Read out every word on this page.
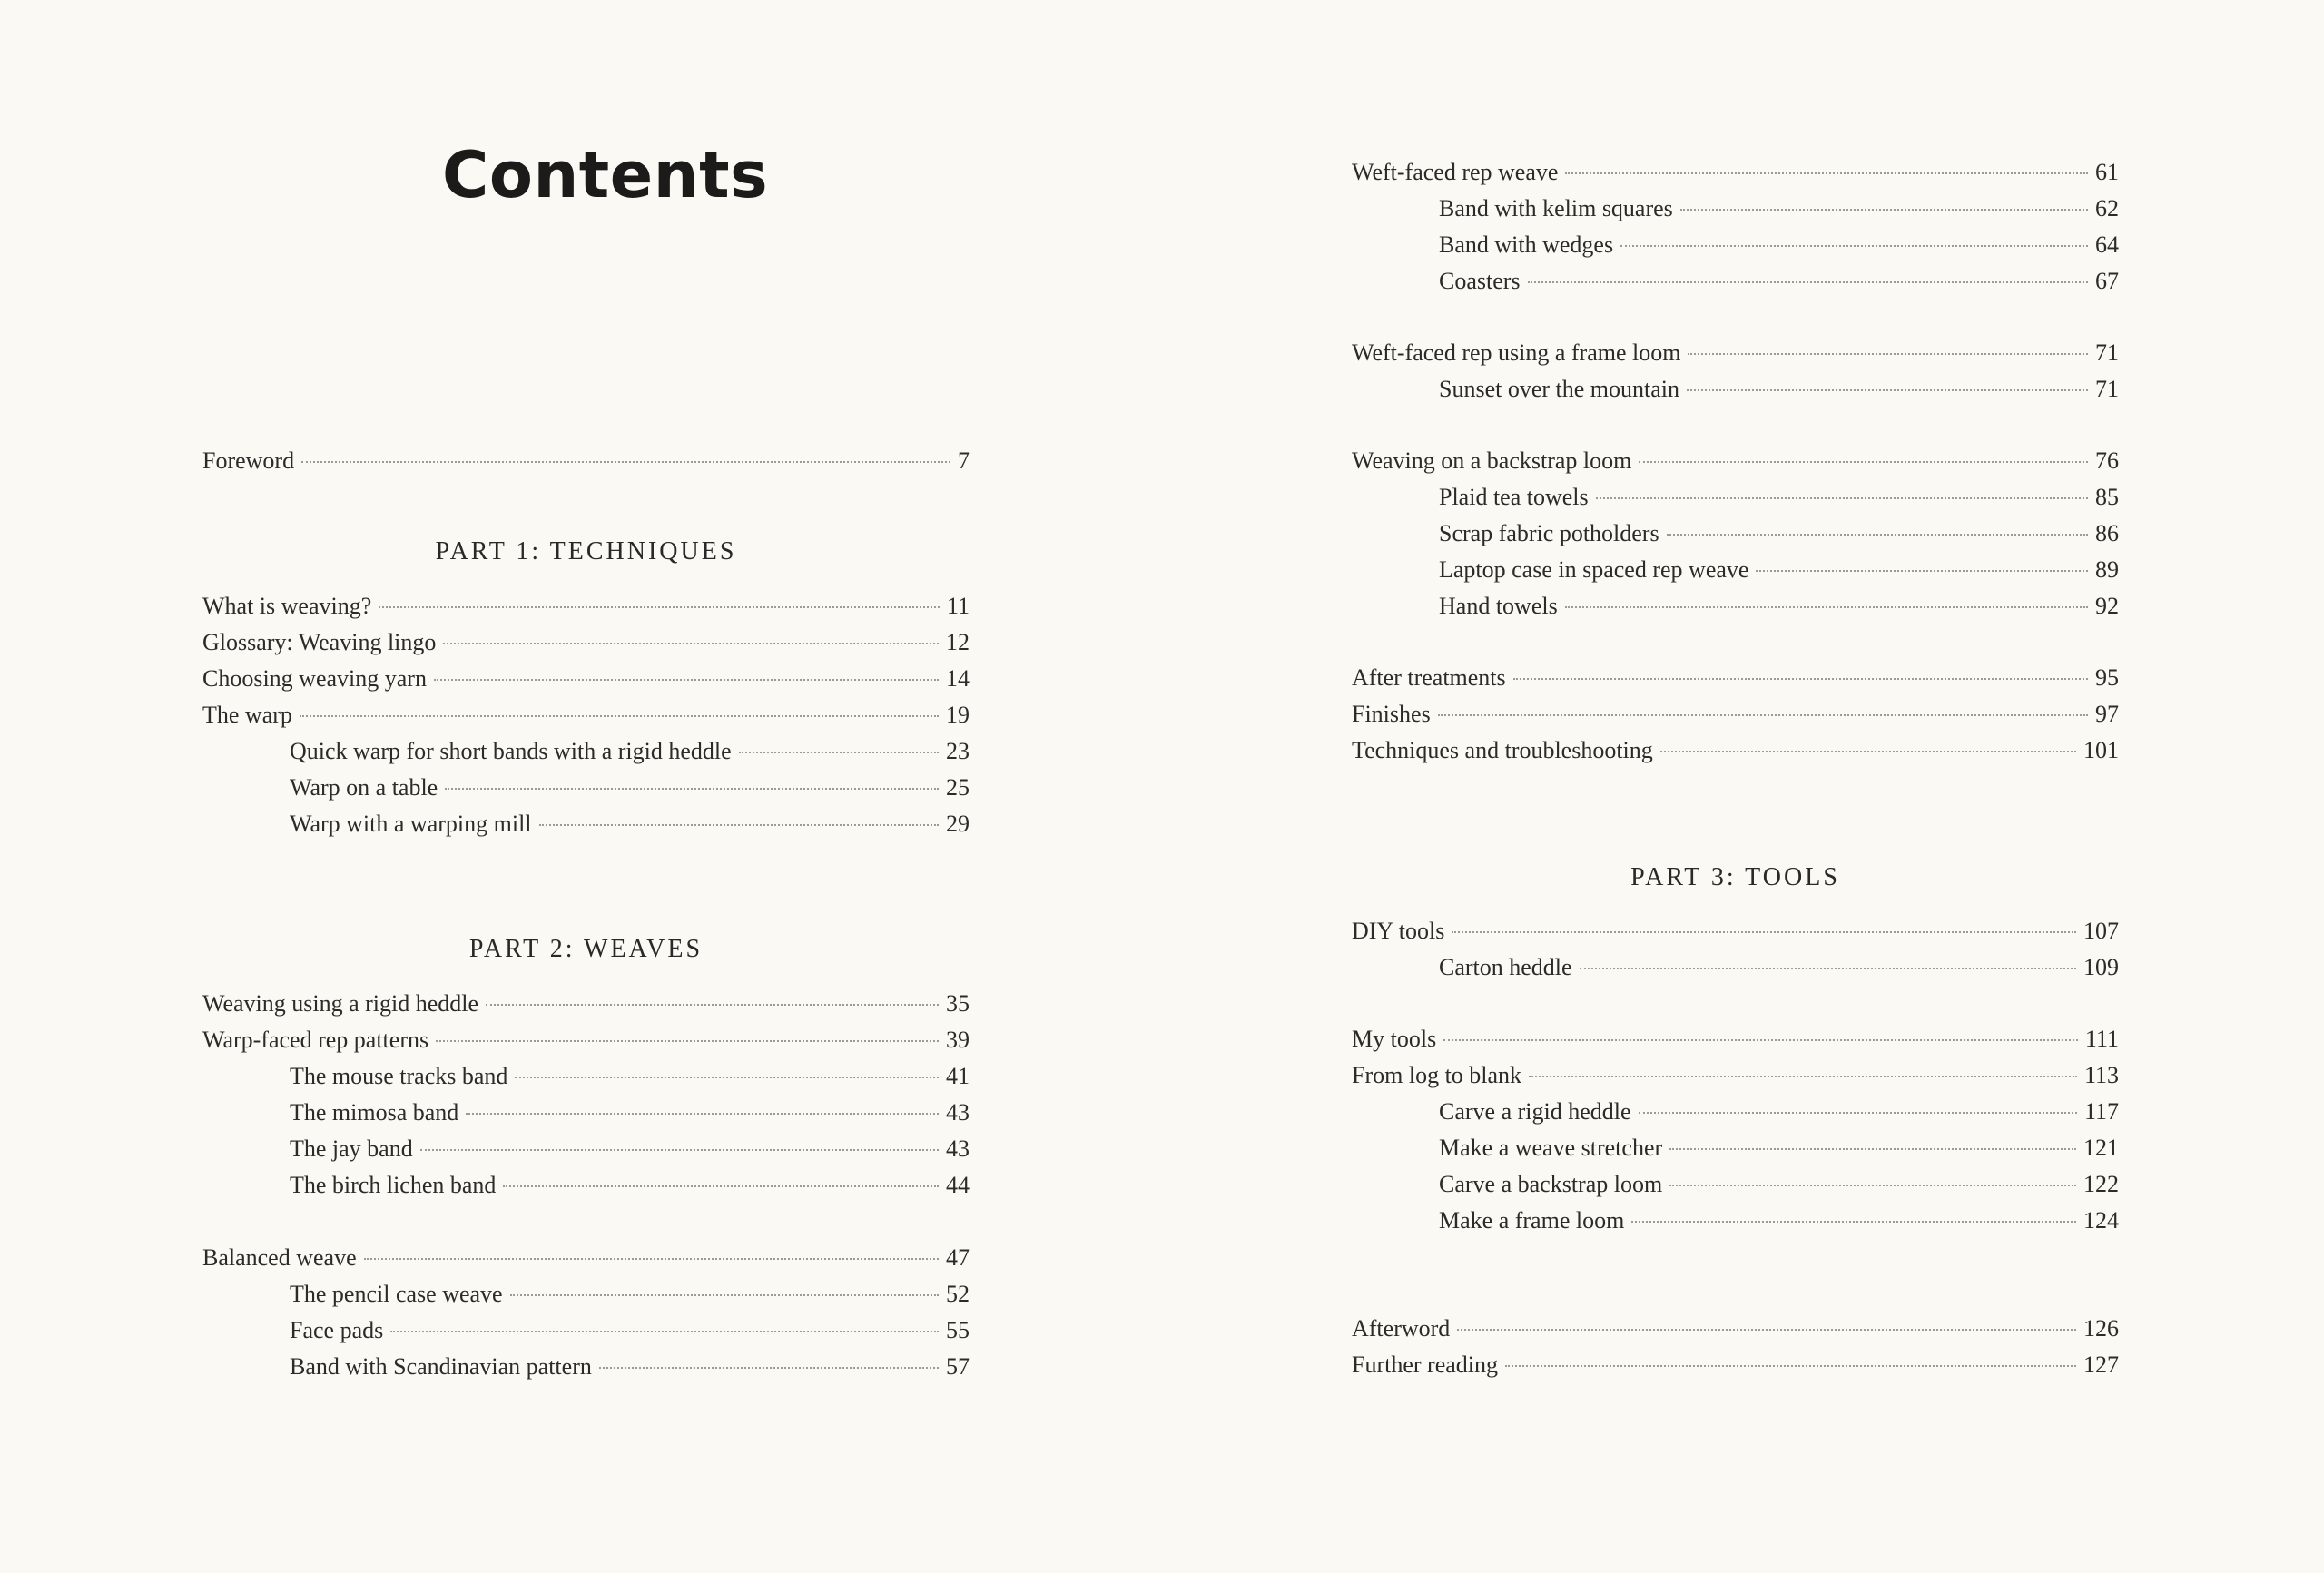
Contents
Foreword	7
PART 1: TECHNIQUES
What is weaving?	11
Glossary: Weaving lingo	12
Choosing weaving yarn	14
The warp	19
Quick warp for short bands with a rigid heddle	23
Warp on a table	25
Warp with a warping mill	29
PART 2: WEAVES
Weaving using a rigid heddle	35
Warp-faced rep patterns	39
The mouse tracks band	41
The mimosa band	43
The jay band	43
The birch lichen band	44
Balanced weave	47
The pencil case weave	52
Face pads	55
Band with Scandinavian pattern	57
Weft-faced rep weave	61
Band with kelim squares	62
Band with wedges	64
Coasters	67
Weft-faced rep using a frame loom	71
Sunset over the mountain	71
Weaving on a backstrap loom	76
Plaid tea towels	85
Scrap fabric potholders	86
Laptop case in spaced rep weave	89
Hand towels	92
After treatments	95
Finishes	97
Techniques and troubleshooting	101
PART 3: TOOLS
DIY tools	107
Carton heddle	109
My tools	111
From log to blank	113
Carve a rigid heddle	117
Make a weave stretcher	121
Carve a backstrap loom	122
Make a frame loom	124
Afterword	126
Further reading	127
